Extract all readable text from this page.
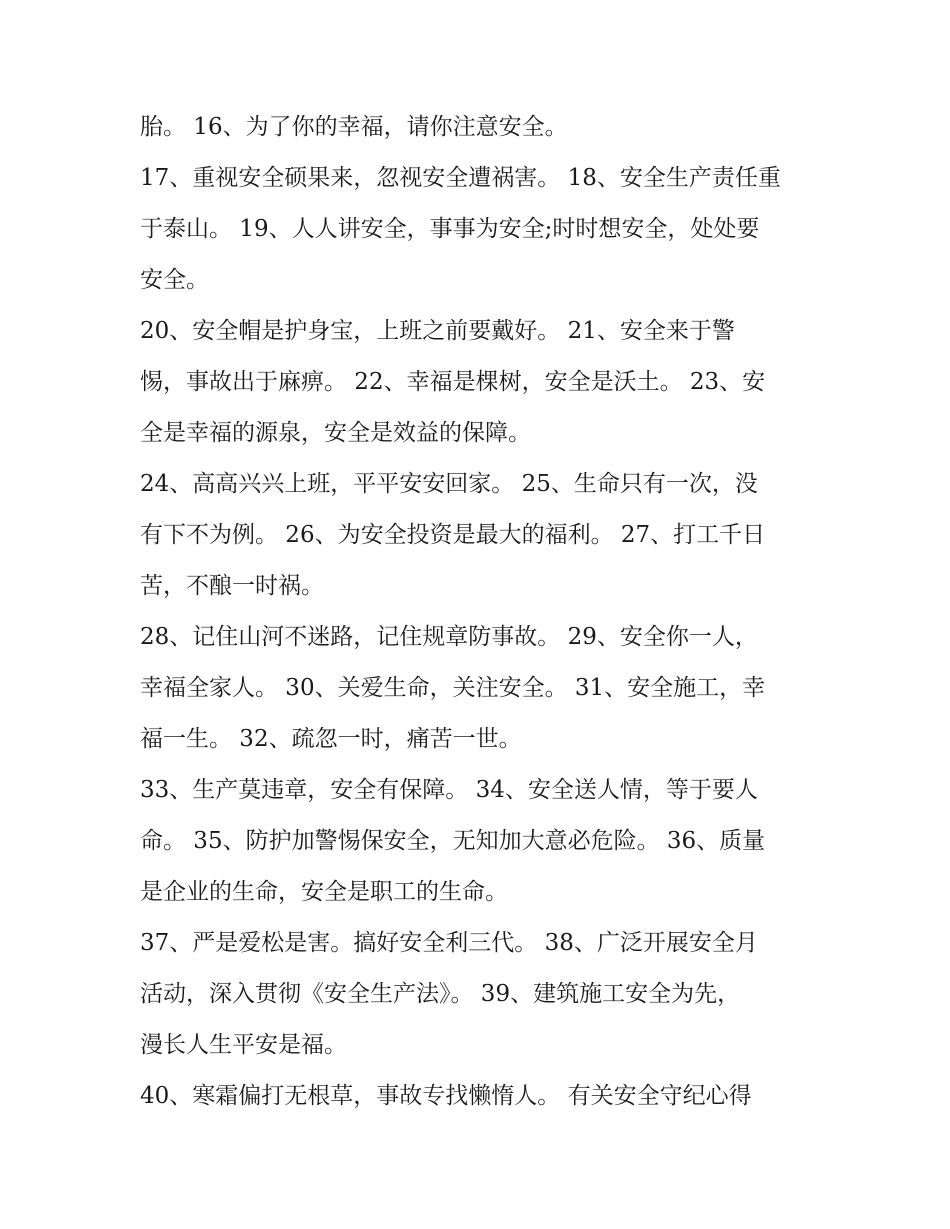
胎。 16、为了你的幸福，请你注意安全。
17、重视安全硕果来，忽视安全遭祸害。 18、安全生产责任重
于泰山。 19、人人讲安全，事事为安全;时时想安全，处处要
安全。
20、安全帽是护身宝，上班之前要戴好。 21、安全来于警
惕，事故出于麻痹。 22、幸福是棵树，安全是沃土。 23、安
全是幸福的源泉，安全是效益的保障。
24、高高兴兴上班，平平安安回家。 25、生命只有一次，没
有下不为例。 26、为安全投资是最大的福利。 27、打工千日
苦，不酿一时祸。
28、记住山河不迷路，记住规章防事故。 29、安全你一人，
幸福全家人。 30、关爱生命，关注安全。 31、安全施工，幸
福一生。 32、疏忽一时，痛苦一世。
33、生产莫违章，安全有保障。 34、安全送人情，等于要人
命。 35、防护加警惕保安全，无知加大意必危险。 36、质量
是企业的生命，安全是职工的生命。
37、严是爱松是害。搞好安全利三代。 38、广泛开展安全月
活动，深入贯彻《安全生产法》。 39、建筑施工安全为先，
漫长人生平安是福。
40、寒霜偏打无根草，事故专找懒惰人。 有关安全守纪心得
